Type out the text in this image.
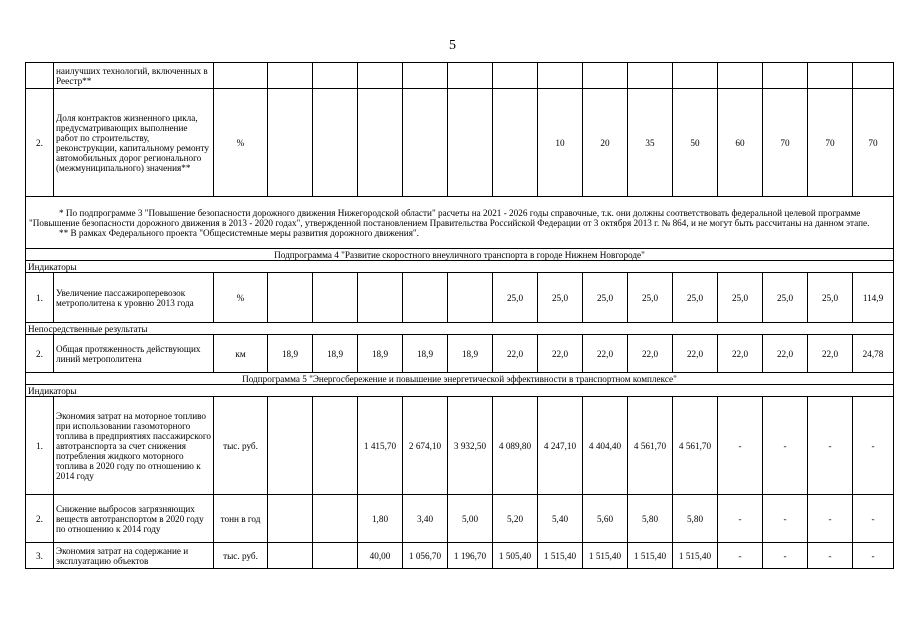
5
	наилучших технологий, включенных в Реестр**															
2.	Доля контрактов жизненного цикла, предусматривающих выполнение работ по строительству, реконструкции, капитальному ремонту автомобильных дорог регионального (межмуниципального) значения**	%							10	20	35	50	60	70	70	70

* По подпрограмме 3 "Повышение безопасности дорожного движения Нижегородской области" расчеты на 2021 - 2026 годы справочные, т.к. они должны соответствовать федеральной целевой программе "Повышение безопасности дорожного движения в 2013 - 2020 годах", утвержденной постановлением Правительства Российской Федерации от 3 октября 2013 г. № 864, и не могут быть рассчитаны на данном этапе.
** В рамках Федерального проекта "Общесистемные меры развития дорожного движения".																

Подпрограмма 4 "Развитие скоростного внеуличного транспорта в городе Нижнем Новгороде"																
Индикаторы																
1.	Увеличение пассажироперевозок метрополитена к уровню 2013 года	%						25,0	25,0	25,0	25,0	25,0	25,0	25,0	25,0	114,9
Непосредственные результаты																
2.	Общая протяженность действующих линий метрополитена	км	18,9	18,9	18,9	18,9	18,9	22,0	22,0	22,0	22,0	22,0	22,0	22,0	22,0	24,78
Подпрограмма 5 "Энергосбережение и повышение энергетической эффективности в транспортном комплексе"																
Индикаторы																
1.	Экономия затрат на моторное топливо при использовании газомоторного топлива в предприятиях пассажирского автотранспорта за счет снижения потребления жидкого моторного топлива в 2020 году по отношению к 2014 году	тыс. руб.			1 415,70	2 674,10	3 932,50	4 089,80	4 247,10	4 404,40	4 561,70	4 561,70	-	-	-	-
2.	Снижение выбросов загрязняющих веществ автотранспортом в 2020 году по отношению к 2014 году	тонн в год			1,80	3,40	5,00	5,20	5,40	5,60	5,80	5,80	-	-	-	-
3.	Экономия затрат на содержание и эксплуатацию объектов	тыс. руб.			40,00	1 056,70	1 196,70	1 505,40	1 515,40	1 515,40	1 515,40	1 515,40	-	-	-	-
